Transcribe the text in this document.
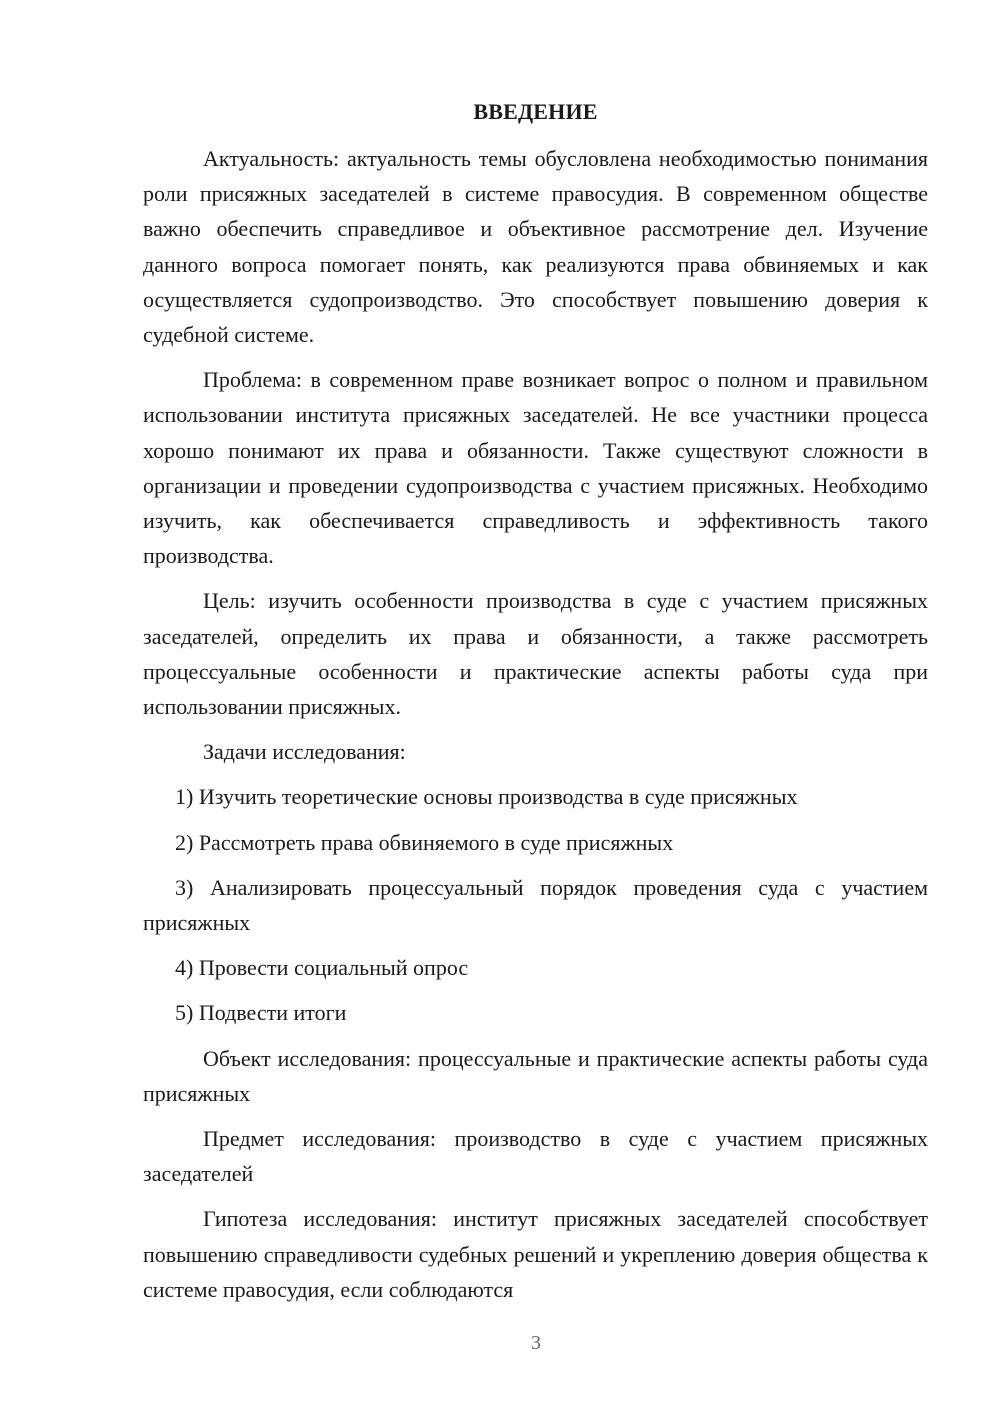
ВВЕДЕНИЕ

Актуальность: актуальность темы обусловлена необходимостью понимания роли присяжных заседателей в системе правосудия. В современном обществе важно обеспечить справедливое и объективное рассмотрение дел. Изучение данного вопроса помогает понять, как реализуются права обвиняемых и как осуществляется судопроизводство. Это способствует повышению доверия к судебной системе.

Проблема: в современном праве возникает вопрос о полном и правильном использовании института присяжных заседателей. Не все участники процесса хорошо понимают их права и обязанности. Также существуют сложности в организации и проведении судопроизводства с участием присяжных. Необходимо изучить, как обеспечивается справедливость и эффективность такого производства.

Цель: изучить особенности производства в суде с участием присяжных заседателей, определить их права и обязанности, а также рассмотреть процессуальные особенности и практические аспекты работы суда при использовании присяжных.

Задачи исследования:

1) Изучить теоретические основы производства в суде присяжных

2) Рассмотреть права обвиняемого в суде присяжных

3) Анализировать процессуальный порядок проведения суда с участием присяжных

4) Провести социальный опрос

5) Подвести итоги

Объект исследования: процессуальные и практические аспекты работы суда присяжных

Предмет исследования: производство в суде с участием присяжных заседателей

Гипотеза исследования: институт присяжных заседателей способствует повышению справедливости судебных решений и укреплению доверия общества к системе правосудия, если соблюдаются

3
